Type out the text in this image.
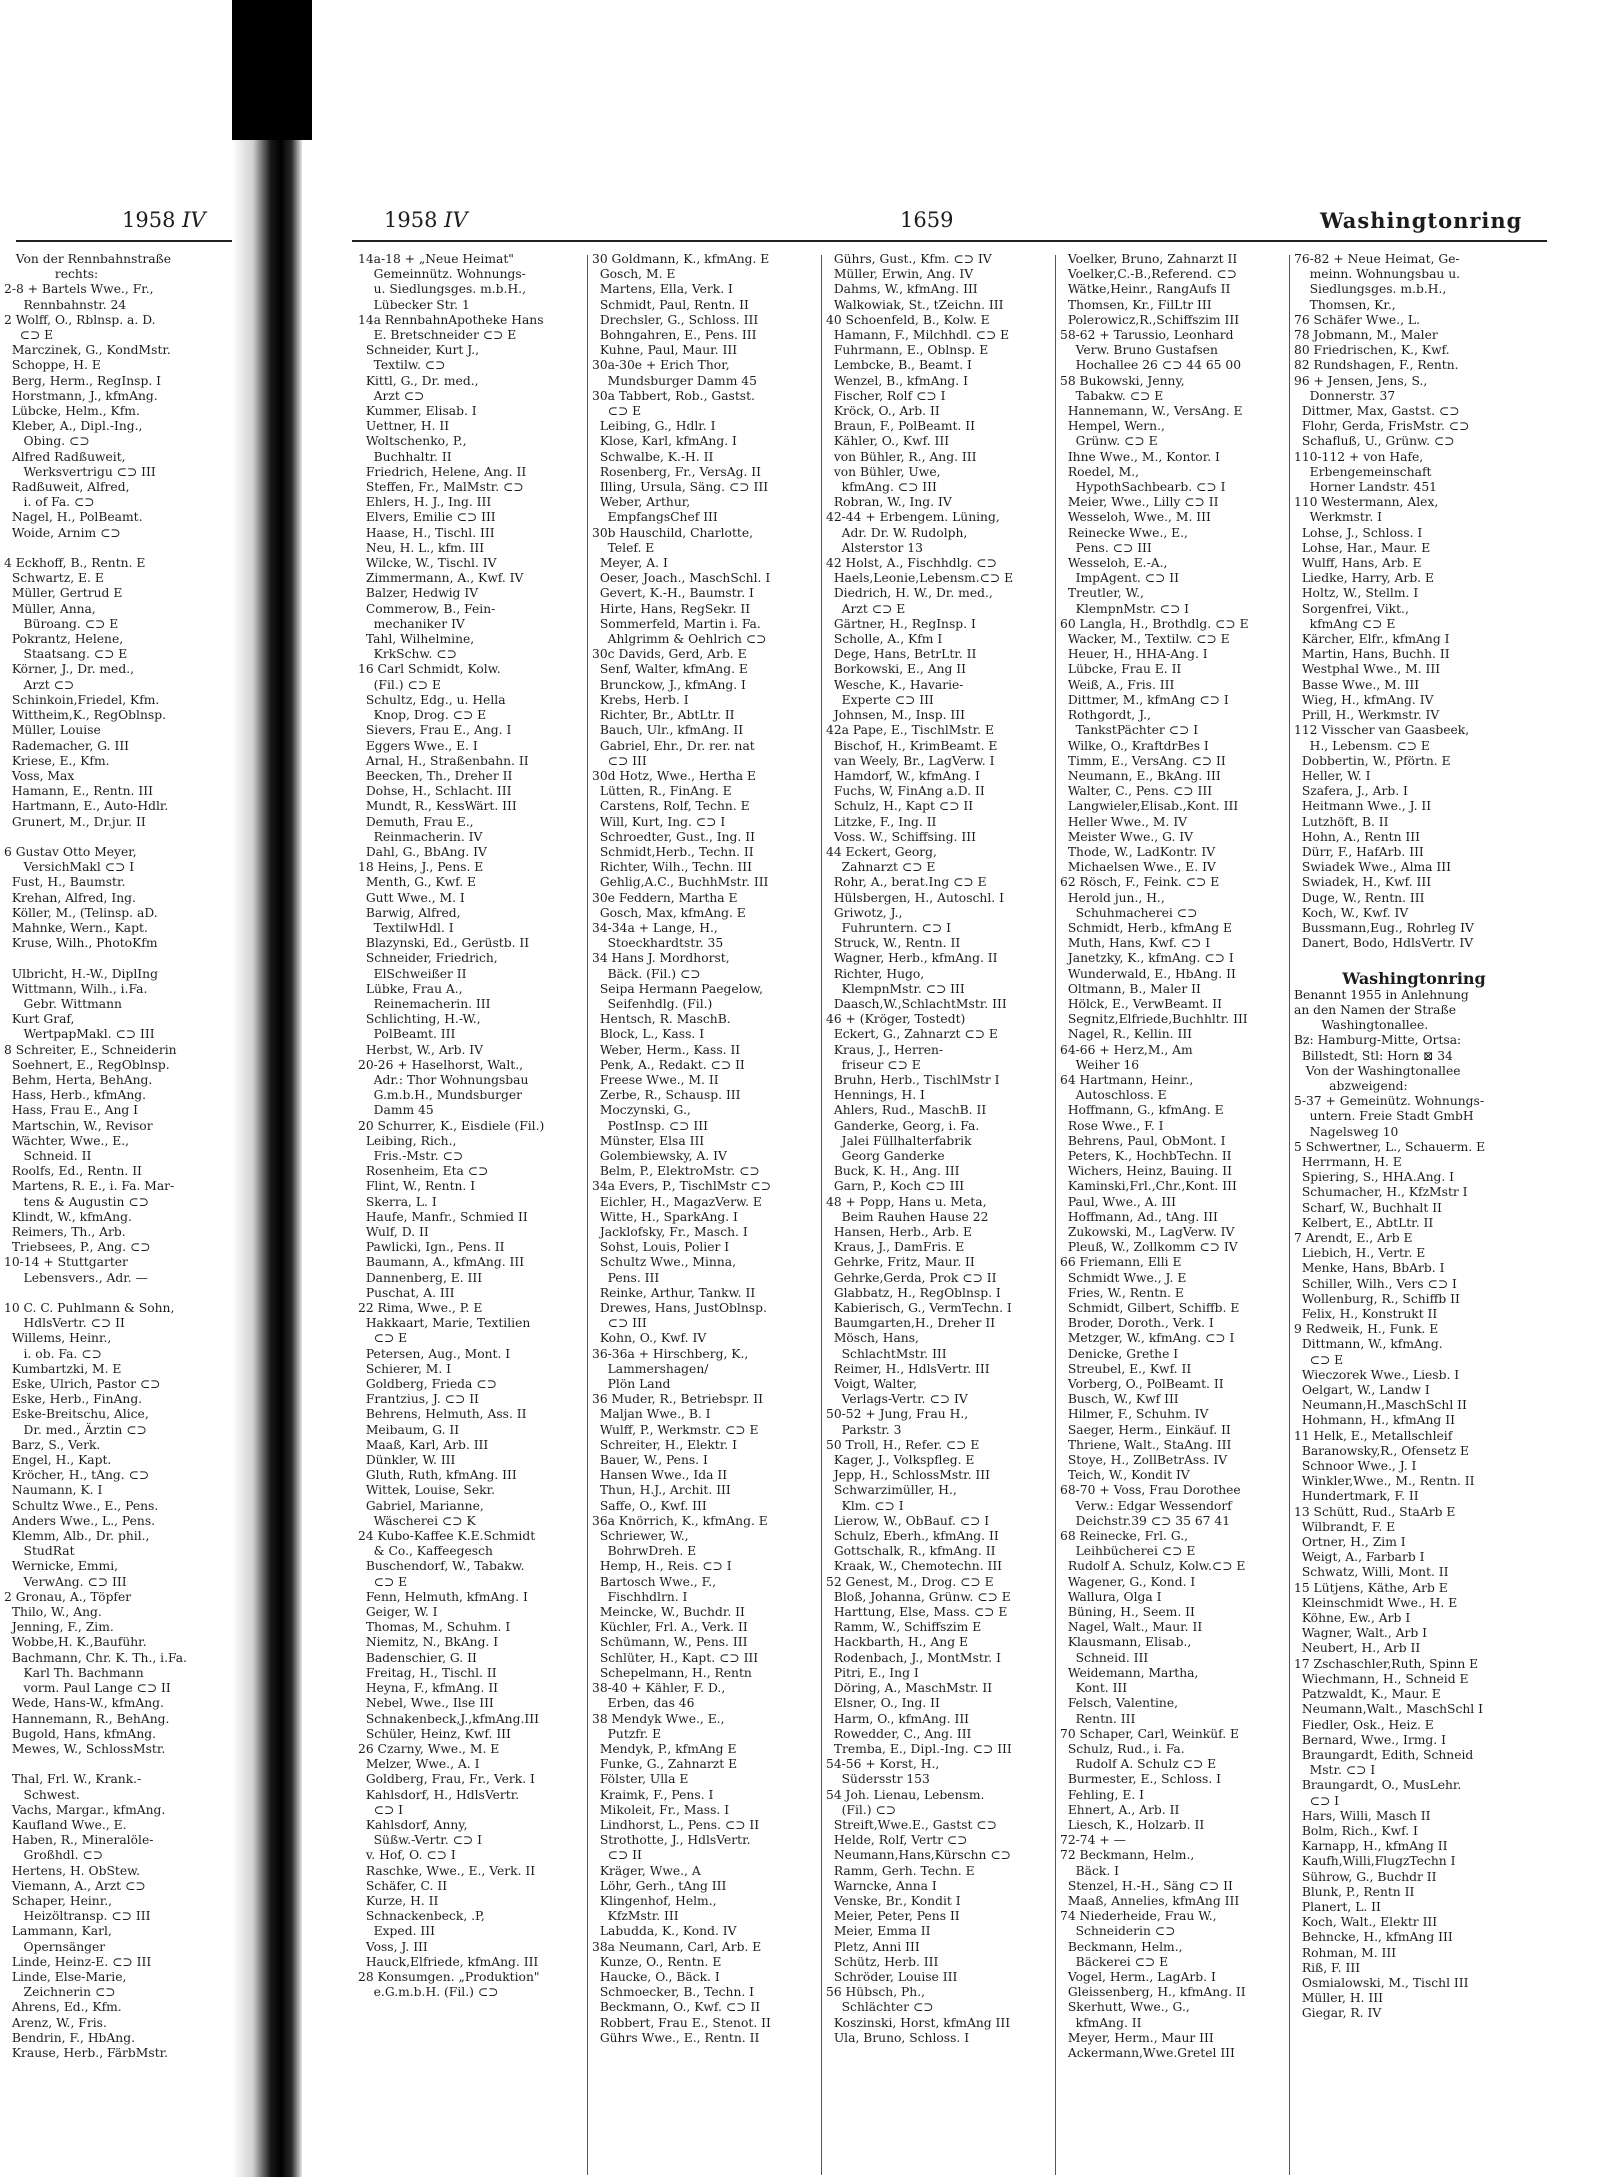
1958 IV
Von der Rennbahnstraße
rechts:
2-8 + Bartels Wwe., Fr.,
Rennbahnstr. 24
2 Wolff, O., Rblnsp. a. D.
⊂⊃ E
Marczinek, G., KondMstr.
Schoppe, H. E
Berg, Herm., RegInsp. I
Horstmann, J., kfmAng.
Lübcke, Helm., Kfm.
Kleber, A., Dipl.-Ing.,
Obing. ⊂⊃
Alfred Radßuweit,
Werksvertrigu ⊂⊃ III
Radßuweit, Alfred,
i. of Fa. ⊂⊃
Nagel, H., PolBeamt.
Woide, Arnim ⊂⊃

4 Eckhoff, B., Rentn. E
Schwartz, E. E
Müller, Gertrud E
Müller, Anna,
Büroang. ⊂⊃ E
Pokrantz, Helene,
Staatsang. ⊂⊃ E
Körner, J., Dr. med.,
Arzt ⊂⊃
Schinkoin,Friedel, Kfm.
Wittheim,K., RegOblnsp.
Müller, Louise
Rademacher, G. III
Kriese, E., Kfm.
Voss, Max
Hamann, E., Rentn. III
Hartmann, E., Auto-Hdlr.
Grunert, M., Dr.jur. II

6 Gustav Otto Meyer,
VersichMakl ⊂⊃ I
Fust, H., Baumstr.
Krehan, Alfred, Ing.
Köller, M., (Telinsp. aD.
Mahnke, Wern., Kapt.
Kruse, Wilh., PhotoKfm

Ulbricht, H.-W., DiplIng
Wittmann, Wilh., i.Fa.
Gebr. Wittmann
Kurt Graf,
WertpapMakl. ⊂⊃ III
8 Schreiter, E., Schneiderin
Soehnert, E., RegOblnsp.
Behm, Herta, BehAng.
Hass, Herb., kfmAng.
Hass, Frau E., Ang I
Martschin, W., Revisor
Wächter, Wwe., E.,
Schneid. II
Roolfs, Ed., Rentn. II
Martens, R. E., i. Fa. Mar-
tens & Augustin ⊂⊃
Klindt, W., kfmAng.
Reimers, Th., Arb.
Triebsees, P., Ang. ⊂⊃
10-14 + Stuttgarter
Lebensvers., Adr. —

10 C. C. Puhlmann & Sohn,
HdlsVertr. ⊂⊃ II
Willems, Heinr.,
i. ob. Fa. ⊂⊃
Kumbartzki, M. E
Eske, Ulrich, Pastor ⊂⊃
Eske, Herb., FinAng.
Eske-Breitschu, Alice,
Dr. med., Ärztin ⊂⊃
Barz, S., Verk.
Engel, H., Kapt.
Kröcher, H., tAng. ⊂⊃
Naumann, K. I
Schultz Wwe., E., Pens.
Anders Wwe., L., Pens.
Klemm, Alb., Dr. phil.,
StudRat
Wernicke, Emmi,
VerwAng. ⊂⊃ III
2 Gronau, A., Töpfer
Thilo, W., Ang.
Jenning, F., Zim.
Wobbe,H. K.,Bauführ.
Bachmann, Chr. K. Th., i.Fa.
Karl Th. Bachmann
vorm. Paul Lange ⊂⊃ II
Wede, Hans-W., kfmAng.
Hannemann, R., BehAng.
Bugold, Hans, kfmAng.
Mewes, W., SchlossMstr.

Thal, Frl. W., Krank.-
Schwest.
Vachs, Margar., kfmAng.
Kaufland Wwe., E.
Haben, R., Mineralöle-
Großhdl. ⊂⊃
Hertens, H. ObStew.
Viemann, A., Arzt ⊂⊃
Schaper, Heinr.,
Heizöltransp. ⊂⊃ III
Lammann, Karl,
Opernsänger
Linde, Heinz-E. ⊂⊃ III
Linde, Else-Marie,
Zeichnerin ⊂⊃
Ahrens, Ed., Kfm.
Arenz, W., Fris.
Bendrin, F., HbAng.
Krause, Herb., FärbMstr.
1958 IV	1659	Washingtonring
14a-18 + „Neue Heimat"
Gemeinnütz. Wohnungs-
u. Siedlungsges. m.b.H.,
Lübecker Str. 1
14a RennbahnApotheke Hans
E. Bretschneider ⊂⊃ E
Schneider, Kurt J.,
Textilw. ⊂⊃
Kittl, G., Dr. med.,
Arzt ⊂⊃
Kummer, Elisab. I
Uettner, H. II
Woltschenko, P.,
Buchhaltr. II
Friedrich, Helene, Ang. II
Steffen, Fr., MalMstr. ⊂⊃
Ehlers, H. J., Ing. III
Elvers, Emilie ⊂⊃ III
Haase, H., Tischl. III
Neu, H. L., kfm. III
Wilcke, W., Tischl. IV
Zimmermann, A., Kwf. IV
Balzer, Hedwig IV
Commerow, B., Fein-
mechaniker IV
Tahl, Wilhelmine,
KrkSchw. ⊂⊃
16 Carl Schmidt, Kolw.
(Fil.) ⊂⊃ E
Schultz, Edg., u. Hella
Knop, Drog. ⊂⊃ E
Sievers, Frau E., Ang. I
Eggers Wwe., E. I
Arnal, H., Straßenbahn. II
Beecken, Th., Dreher II
Dohse, H., Schlacht. III
Mundt, R., KessWärt. III
Demuth, Frau E.,
Reinmacherin. IV
Dahl, G., BbAng. IV
18 Heins, J., Pens. E
Menth, G., Kwf. E
Gutt Wwe., M. I
Barwig, Alfred,
TextilwHdl. I
Blazynski, Ed., Gerüstb. II
Schneider, Friedrich,
ElSchweißer II
Lübke, Frau A.,
Reinemacherin. III
Schlichting, H.-W.,
PolBeamt. III
Herbst, W., Arb. IV
20-26 + Haselhorst, Walt.,
Adr.: Thor Wohnungsbau
G.m.b.H., Mundsburger
Damm 45
20 Schurrer, K., Eisdiele (Fil.)
Leibing, Rich.,
Fris.-Mstr. ⊂⊃
Rosenheim, Eta ⊂⊃
Flint, W., Rentn. I
Skerra, L. I
Haufe, Manfr., Schmied II
Wulf, D. II
Pawlicki, Ign., Pens. II
Baumann, A., kfmAng. III
Dannenberg, E. III
Puschat, A. III
22 Rima, Wwe., P. E
Hakkaart, Marie, Textilien
⊂⊃ E
Petersen, Aug., Mont. I
Schierer, M. I
Goldberg, Frieda ⊂⊃
Frantzius, J. ⊂⊃ II
Behrens, Helmuth, Ass. II
Meibaum, G. II
Maaß, Karl, Arb. III
Dünkler, W. III
Gluth, Ruth, kfmAng. III
Wittek, Louise, Sekr.
Gabriel, Marianne,
Wäscherei ⊂⊃ K
24 Kubo-Kaffee K.E.Schmidt
& Co., Kaffeegesch
Buschendorf, W., Tabakw.
⊂⊃ E
Fenn, Helmuth, kfmAng. I
Geiger, W. I
Thomas, M., Schuhm. I
Niemitz, N., BkAng. I
Badenschier, G. II
Freitag, H., Tischl. II
Heyna, F., kfmAng. II
Nebel, Wwe., Ilse III
Schnakenbeck,J.,kfmAng.III
Schüler, Heinz, Kwf. III
26 Czarny, Wwe., M. E
Melzer, Wwe., A. I
Goldberg, Frau, Fr., Verk. I
Kahlsdorf, H., HdlsVertr.
⊂⊃ I
Kahlsdorf, Anny,
Süßw.-Vertr. ⊂⊃ I
v. Hof, O. ⊂⊃ I
Raschke, Wwe., E., Verk. II
Schäfer, C. II
Kurze, H. II
Schnackenbeck, .P,
Exped. III
Voss, J. III
Hauck,Elfriede, kfmAng. III
28 Konsumgen. „Produktion"
e.G.m.b.H. (Fil.) ⊂⊃
30 Goldmann, K., kfmAng. E
Gosch, M. E
Martens, Ella, Verk. I
Schmidt, Paul, Rentn. II
Drechsler, G., Schloss. III
Bohngahren, E., Pens. III
Kuhne, Paul, Maur. III
30a-30e + Erich Thor,
Mundsburger Damm 45
30a Tabbert, Rob., Gastst.
⊂⊃ E
Leibing, G., Hdlr. I
Klose, Karl, kfmAng. I
Schwalbe, K.-H. II
Rosenberg, Fr., VersAg. II
Illing, Ursula, Säng. ⊂⊃ III
Weber, Arthur,
EmpfangsChef III
30b Hauschild, Charlotte,
Telef. E
Meyer, A. I
Oeser, Joach., MaschSchl. I
Gevert, K.-H., Baumstr. I
Hirte, Hans, RegSekr. II
Sommerfeld, Martin i. Fa.
Ahlgrimm & Oehlrich ⊂⊃
30c Davids, Gerd, Arb. E
Senf, Walter, kfmAng. E
Brunckow, J., kfmAng. I
Krebs, Herb. I
Richter, Br., AbtLtr. II
Bauch, Ulr., kfmAng. II
Gabriel, Ehr., Dr. rer. nat
⊂⊃ III
30d Hotz, Wwe., Hertha E
Lütten, R., FinAng. E
Carstens, Rolf, Techn. E
Will, Kurt, Ing. ⊂⊃ I
Schroedter, Gust., Ing. II
Schmidt,Herb., Techn. II
Richter, Wilh., Techn. III
Gehlig,A.C., BuchhMstr. III
30e Feddern, Martha E
Gosch, Max, kfmAng. E
34-34a + Lange, H.,
Stoeckhardtstr. 35
34 Hans J. Mordhorst,
Bäck. (Fil.) ⊂⊃
Seipa Hermann Paegelow,
Seifenhdlg. (Fil.)
Hentsch, R. MaschB.
Block, L., Kass. I
Weber, Herm., Kass. II
Penk, A., Redakt. ⊂⊃ II
Freese Wwe., M. II
Zerbe, R., Schausp. III
Moczynski, G.,
PostInsp. ⊂⊃ III
Münster, Elsa III
Golembiewsky, A. IV
Belm, P., ElektroMstr. ⊂⊃
34a Evers, P., TischlMstr ⊂⊃
Eichler, H., MagazVerw. E
Witte, H., SparkAng. I
Jacklofsky, Fr., Masch. I
Sohst, Louis, Polier I
Schultz Wwe., Minna,
Pens. III
Reinke, Arthur, Tankw. II
Drewes, Hans, JustOblnsp.
⊂⊃ III
Kohn, O., Kwf. IV
36-36a + Hirschberg, K.,
Lammershagen/
Plön Land
36 Muder, R., Betriebspr. II
Maljan Wwe., B. I
Wulff, P., Werkmstr. ⊂⊃ E
Schreiter, H., Elektr. I
Bauer, W., Pens. I
Hansen Wwe., Ida II
Thun, H.J., Archit. III
Saffe, O., Kwf. III
36a Knörrich, K., kfmAng. E
Schriewer, W.,
BohrwDreh. E
Hemp, H., Reis. ⊂⊃ I
Bartosch Wwe., F.,
Fischhdlrn. I
Meincke, W., Buchdr. II
Küchler, Frl. A., Verk. II
Schümann, W., Pens. III
Schlüter, H., Kapt. ⊂⊃ III
Schepelmann, H., Rentn
38-40 + Kähler, F. D.,
Erben, das 46
38 Mendyk Wwe., E.,
Putzfr. E
Mendyk, P., kfmAng E
Funke, G., Zahnarzt E
Fölster, Ulla E
Kraimk, F., Pens. I
Mikoleit, Fr., Mass. I
Lindhorst, L., Pens. ⊂⊃ II
Strothotte, J., HdlsVertr.
⊂⊃ II
Kräger, Wwe., A
Löhr, Gerh., tAng III
Klingenhof, Helm.,
KfzMstr. III
Labudda, K., Kond. IV
38a Neumann, Carl, Arb. E
Kunze, O., Rentn. E
Haucke, O., Bäck. I
Schmoecker, B., Techn. I
Beckmann, O., Kwf. ⊂⊃ II
Robbert, Frau E., Stenot. II
Gührs Wwe., E., Rentn. II
Gührs, Gust., Kfm. ⊂⊃ IV
Müller, Erwin, Ang. IV
Dahms, W., kfmAng. III
Walkowiak, St., tZeichn. III
40 Schoenfeld, B., Kolw. E
Hamann, F., Milchhdl. ⊂⊃ E
Fuhrmann, E., Oblnsp. E
Lembcke, B., Beamt. I
Wenzel, B., kfmAng. I
Fischer, Rolf ⊂⊃ I
Kröck, O., Arb. II
Braun, F., PolBeamt. II
Kähler, O., Kwf. III
von Bühler, R., Ang. III
von Bühler, Uwe,
kfmAng. ⊂⊃ III
Robran, W., Ing. IV
42-44 + Erbengem. Lüning,
Adr. Dr. W. Rudolph,
Alsterstor 13
42 Holst, A., Fischhdlg. ⊂⊃
Haels,Leonie,Lebensm.⊂⊃ E
Diedrich, H. W., Dr. med.,
Arzt ⊂⊃ E
Gärtner, H., RegInsp. I
Scholle, A., Kfm I
Dege, Hans, BetrLtr. II
Borkowski, E., Ang II
Wesche, K., Havarie-
Experte ⊂⊃ III
Johnsen, M., Insp. III
42a Pape, E., TischlMstr. E
Bischof, H., KrimBeamt. E
van Weely, Br., LagVerw. I
Hamdorf, W., kfmAng. I
Fuchs, W, FinAng a.D. II
Schulz, H., Kapt ⊂⊃ II
Litzke, F., Ing. II
Voss. W., Schiffsing. III
44 Eckert, Georg,
Zahnarzt ⊂⊃ E
Rohr, A., berat.Ing ⊂⊃ E
Hülsbergen, H., Autoschl. I
Griwotz, J.,
Fuhruntern. ⊂⊃ I
Struck, W., Rentn. II
Wagner, Herb., kfmAng. II
Richter, Hugo,
KlempnMstr. ⊂⊃ III
Daasch,W.,SchlachtMstr. III
46 + (Kröger, Tostedt)
Eckert, G., Zahnarzt ⊂⊃ E
Kraus, J., Herren-
friseur ⊂⊃ E
Bruhn, Herb., TischlMstr I
Hennings, H. I
Ahlers, Rud., MaschB. II
Ganderke, Georg, i. Fa.
Jalei Füllhalterfabrik
Georg Ganderke
Buck, K. H., Ang. III
Garn, P., Koch ⊂⊃ III
48 + Popp, Hans u. Meta,
Beim Rauhen Hause 22
Hansen, Herb., Arb. E
Kraus, J., DamFris. E
Gehrke, Fritz, Maur. II
Gehrke,Gerda, Prok ⊂⊃ II
Glabbatz, H., RegOblnsp. I
Kabierisch, G., VermTechn. I
Baumgarten,H., Dreher II
Mösch, Hans,
SchlachtMstr. III
Reimer, H., HdlsVertr. III
Voigt, Walter,
Verlags-Vertr. ⊂⊃ IV
50-52 + Jung, Frau H.,
Parkstr. 3
50 Troll, H., Refer. ⊂⊃ E
Kager, J., Volkspfleg. E
Jepp, H., SchlossMstr. III
Schwarzimüller, H.,
Klm. ⊂⊃ I
Lierow, W., ObBauf. ⊂⊃ I
Schulz, Eberh., kfmAng. II
Gottschalk, R., kfmAng. II
Kraak, W., Chemotechn. III
52 Genest, M., Drog. ⊂⊃ E
Bloß, Johanna, Grünw. ⊂⊃ E
Harttung, Else, Mass. ⊂⊃ E
Ramm, W., Schiffszim E
Hackbarth, H., Ang E
Rodenbach, J., MontMstr. I
Pitri, E., Ing I
Döring, A., MaschMstr. II
Elsner, O., Ing. II
Harm, O., kfmAng. III
Rowedder, C., Ang. III
Tremba, E., Dipl.-Ing. ⊂⊃ III
54-56 + Korst, H.,
Südersstr 153
54 Joh. Lienau, Lebensm.
(Fil.) ⊂⊃
Streift,Wwe.E., Gastst ⊂⊃
Helde, Rolf, Vertr ⊂⊃
Neumann,Hans,Kürschn ⊂⊃
Ramm, Gerh. Techn. E
Warncke, Anna I
Venske, Br., Kondit I
Meier, Peter, Pens II
Meier, Emma II
Pletz, Anni III
Schütz, Herb. III
Schröder, Louise III
56 Hübsch, Ph.,
Schlächter ⊂⊃
Koszinski, Horst, kfmAng III
Ula, Bruno, Schloss. I
Voelker, Bruno, Zahnarzt II
Voelker,C.-B.,Referend. ⊂⊃
Wätke,Heinr., RangAufs II
Thomsen, Kr., FilLtr III
Polerowicz,R.,Schiffszim III
58-62 + Tarussio, Leonhard
Verw. Bruno Gustafsen
Hochallee 26 ⊂⊃ 44 65 00
58 Bukowski, Jenny,
Tabakw. ⊂⊃ E
Hannemann, W., VersAng. E
Hempel, Wern.,
Grünw. ⊂⊃ E
Ihne Wwe., M., Kontor. I
Roedel, M.,
HypothSachbearb. ⊂⊃ I
Meier, Wwe., Lilly ⊂⊃ II
Wesseloh, Wwe., M. III
Reinecke Wwe., E.,
Pens. ⊂⊃ III
Wesseloh, E.-A.,
ImpAgent. ⊂⊃ II
Treutler, W.,
KlempnMstr. ⊂⊃ I
60 Langla, H., Brothdlg. ⊂⊃ E
Wacker, M., Textilw. ⊂⊃ E
Heuer, H., HHA-Ang. I
Lübcke, Frau E. II
Weiß, A., Fris. III
Dittmer, M., kfmAng ⊂⊃ I
Rothgordt, J.,
TankstPächter ⊂⊃ I
Wilke, O., KraftdrBes I
Timm, E., VersAng. ⊂⊃ II
Neumann, E., BkAng. III
Walter, C., Pens. ⊂⊃ III
Langwieler,Elisab.,Kont. III
Heller Wwe., M. IV
Meister Wwe., G. IV
Thode, W., LadKontr. IV
Michaelsen Wwe., E. IV
62 Rösch, F., Feink. ⊂⊃ E
Herold jun., H.,
Schuhmacherei ⊂⊃
Schmidt, Herb., kfmAng E
Muth, Hans, Kwf. ⊂⊃ I
Janetzky, K., kfmAng. ⊂⊃ I
Wunderwald, E., HbAng. II
Oltmann, B., Maler II
Hölck, E., VerwBeamt. II
Segnitz,Elfriede,Buchhltr. III
Nagel, R., Kellin. III
64-66 + Herz,M., Am
Weiher 16
64 Hartmann, Heinr.,
Autoschloss. E
Hoffmann, G., kfmAng. E
Rose Wwe., F. I
Behrens, Paul, ObMont. I
Peters, K., HochbTechn. II
Wichers, Heinz, Bauing. II
Kaminski,Frl.,Chr.,Kont. III
Paul, Wwe., A. III
Hoffmann, Ad., tAng. III
Zukowski, M., LagVerw. IV
Pleuß, W., Zollkomm ⊂⊃ IV
66 Friemann, Elli E
Schmidt Wwe., J. E
Fries, W., Rentn. E
Schmidt, Gilbert, Schiffb. E
Broder, Doroth., Verk. I
Metzger, W., kfmAng. ⊂⊃ I
Denicke, Grethe I
Streubel, E., Kwf. II
Vorberg, O., PolBeamt. II
Busch, W., Kwf III
Hilmer, F., Schuhm. IV
Saeger, Herm., Einkäuf. II
Thriene, Walt., StaAng. III
Stoye, H., ZollBetrAss. IV
Teich, W., Kondit IV
68-70 + Voss, Frau Dorothee
Verw.: Edgar Wessendorf
Deichstr.39 ⊂⊃ 35 67 41
68 Reinecke, Frl. G.,
Leihbücherei ⊂⊃ E
Rudolf A. Schulz, Kolw.⊂⊃ E
Wagener, G., Kond. I
Wallura, Olga I
Büning, H., Seem. II
Nagel, Walt., Maur. II
Klausmann, Elisab.,
Schneid. III
Weidemann, Martha,
Kont. III
Felsch, Valentine,
Rentn. III
70 Schaper, Carl, Weinküf. E
Schulz, Rud., i. Fa.
Rudolf A. Schulz ⊂⊃ E
Burmester, E., Schloss. I
Fehling, E. I
Ehnert, A., Arb. II
Liesch, K., Holzarb. II
72-74 + —
72 Beckmann, Helm.,
Bäck. I
Stenzel, H.-H., Säng ⊂⊃ II
Maaß, Annelies, kfmAng III
74 Niederheide, Frau W.,
Schneiderin ⊂⊃
Beckmann, Helm.,
Bäckerei ⊂⊃ E
Vogel, Herm., LagArb. I
Gleissenberg, H., kfmAng. II
Skerhutt, Wwe., G.,
kfmAng. II
Meyer, Herm., Maur III
Ackermann,Wwe.Gretel III
76-82 + Neue Heimat, Ge-
meinn. Wohnungsbau u.
Siedlungsges. m.b.H.,
Thomsen, Kr.,
76 Schäfer Wwe., L.
78 Jobmann, M., Maler
80 Friedrischen, K., Kwf.
82 Rundshagen, F., Rentn.
96 + Jensen, Jens, S.,
Donnerstr. 37
Dittmer, Max, Gastst. ⊂⊃
Flohr, Gerda, FrisMstr. ⊂⊃
Schafluß, U., Grünw. ⊂⊃
110-112 + von Hafe,
Erbengemeinschaft
Horner Landstr. 451
110 Westermann, Alex,
Werkmstr. I
Lohse, J., Schloss. I
Lohse, Har., Maur. E
Wulff, Hans, Arb. E
Liedke, Harry, Arb. E
Holtz, W., Stellm. I
Sorgenfrei, Vikt.,
kfmAng ⊂⊃ E
Kärcher, Elfr., kfmAng I
Martin, Hans, Buchh. II
Westphal Wwe., M. III
Basse Wwe., M. III
Wieg, H., kfmAng. IV
Prill, H., Werkmstr. IV
112 Visscher van Gaasbeek,
H., Lebensm. ⊂⊃ E
Dobbertin, W., Pförtn. E
Heller, W. I
Szafera, J., Arb. I
Heitmann Wwe., J. II
Lutzhöft, B. II
Hohn, A., Rentn III
Dürr, F., HafArb. III
Swiadek Wwe., Alma III
Swiadek, H., Kwf. III
Duge, W., Rentn. III
Koch, W., Kwf. IV
Bussmann,Eug., Rohrleg IV
Danert, Bodo, HdlsVertr. IV

Washingtonring
Benannt 1955 in Anlehnung
an den Namen der Straße
Washingtonallee.
Bz: Hamburg-Mitte, Ortsa:
Billstedt, Stl: Horn ⊠ 34
Von der Washingtonallee
abzweigend:
5-37 + Gemeinütz. Wohnungs-
untern. Freie Stadt GmbH
Nagelsweg 10
5 Schwertner, L., Schauerm. E
Herrmann, H. E
Spiering, S., HHA.Ang. I
Schumacher, H., KfzMstr I
Scharf, W., Buchhalt II
Kelbert, E., AbtLtr. II
7 Arendt, E., Arb E
Liebich, H., Vertr. E
Menke, Hans, BbArb. I
Schiller, Wilh., Vers ⊂⊃ I
Wollenburg, R., Schiffb II
Felix, H., Konstrukt II
9 Redweik, H., Funk. E
Dittmann, W., kfmAng.
⊂⊃ E
Wieczorek Wwe., Liesb. I
Oelgart, W., Landw I
Neumann,H.,MaschSchl II
Hohmann, H., kfmAng II
11 Helk, E., Metallschleif
Baranowsky,R., Ofensetz E
Schnoor Wwe., J. I
Winkler,Wwe., M., Rentn. II
Hundertmark, F. II
13 Schütt, Rud., StaArb E
Wilbrandt, F. E
Ortner, H., Zim I
Weigt, A., Farbarb I
Schwatz, Willi, Mont. II
15 Lütjens, Käthe, Arb E
Kleinschmidt Wwe., H. E
Köhne, Ew., Arb I
Wagner, Walt., Arb I
Neubert, H., Arb II
17 Zschaschler,Ruth, Spinn E
Wiechmann, H., Schneid E
Patzwaldt, K., Maur. E
Neumann,Walt., MaschSchl I
Fiedler, Osk., Heiz. E
Bernard, Wwe., Irmg. I
Braungardt, Edith, Schneid
Mstr. ⊂⊃ I
Braungardt, O., MusLehr.
⊂⊃ I
Hars, Willi, Masch II
Bolm, Rich., Kwf. I
Karnapp, H., kfmAng II
Kaufh,Willi,FlugzTechn I
Sührow, G., Buchdr II
Blunk, P., Rentn II
Planert, L. II
Koch, Walt., Elektr III
Behncke, H., kfmAng III
Rohman, M. III
Riß, F. III
Osmialowski, M., Tischl III
Müller, H. III
Giegar, R. IV
